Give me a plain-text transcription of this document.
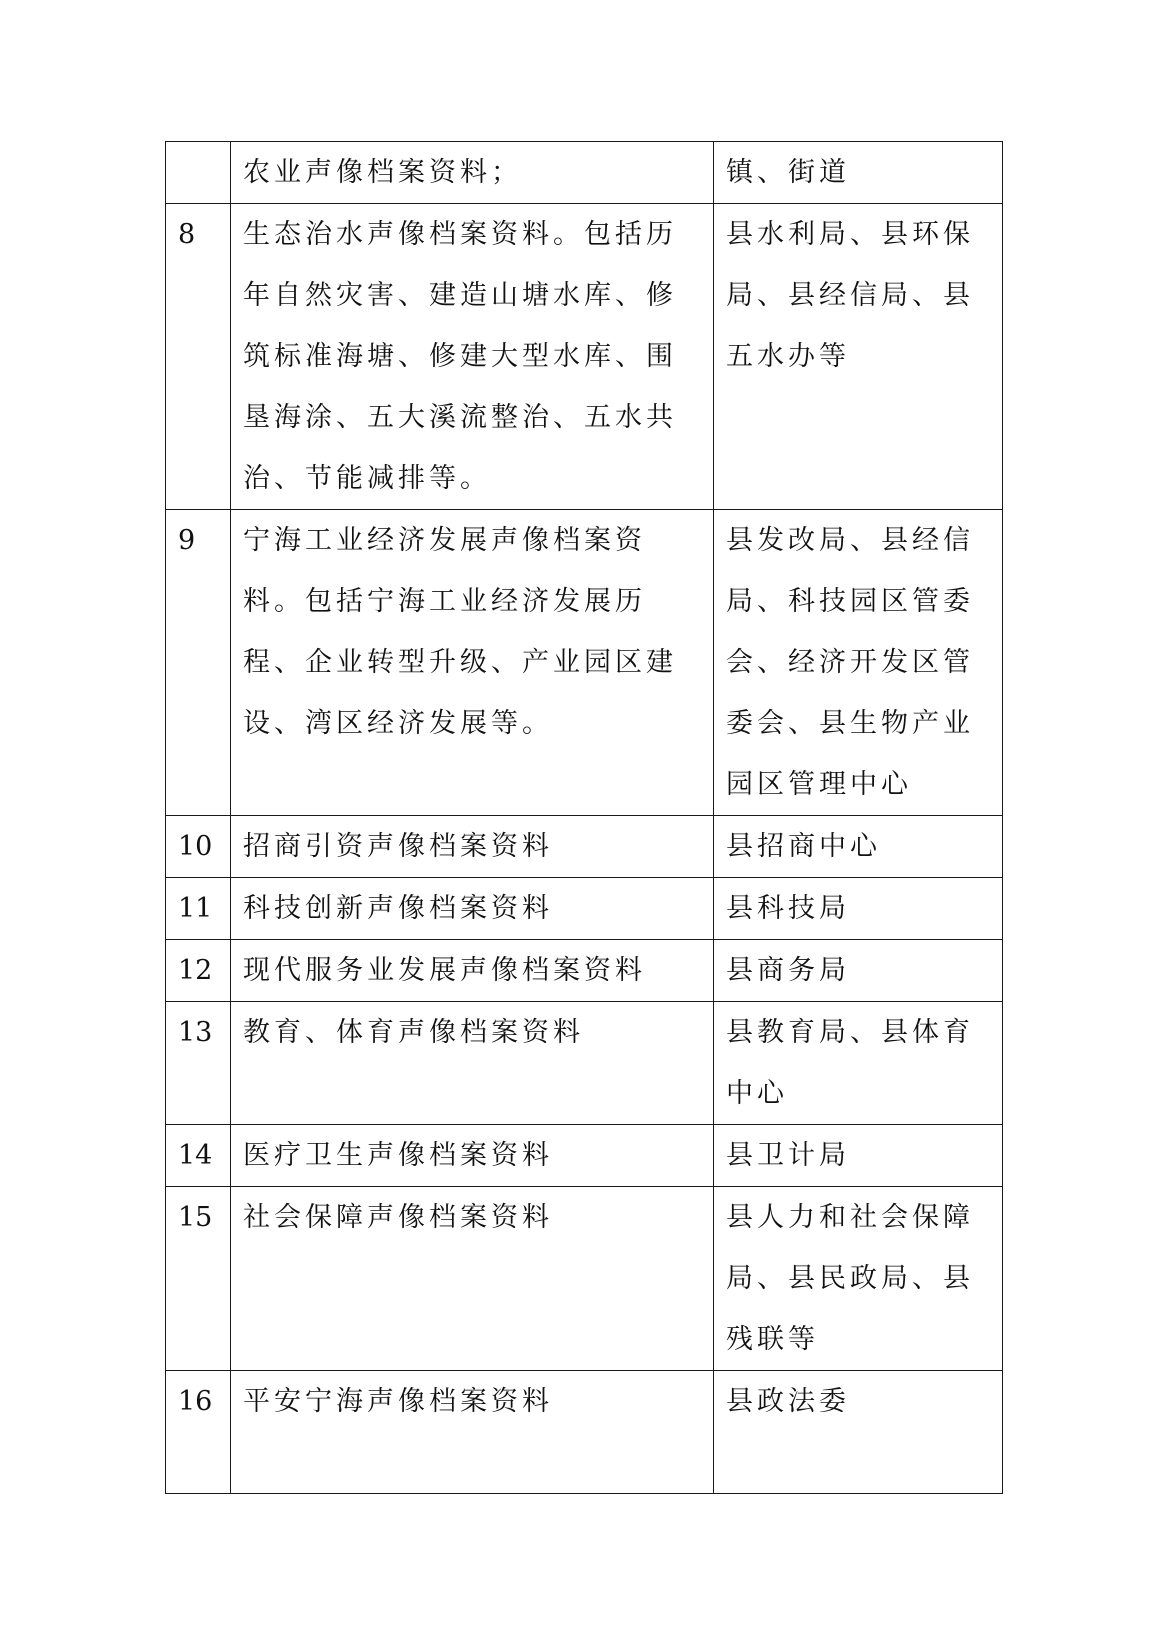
	农业声像档案资料；	镇、街道
8	生态治水声像档案资料。包括历年自然灾害、建造山塘水库、修筑标准海塘、修建大型水库、围垦海涂、五大溪流整治、五水共治、节能减排等。	县水利局、县环保局、县经信局、县五水办等
9	宁海工业经济发展声像档案资料。包括宁海工业经济发展历程、企业转型升级、产业园区建设、湾区经济发展等。	县发改局、县经信局、科技园区管委会、经济开发区管委会、县生物产业园区管理中心
10	招商引资声像档案资料	县招商中心
11	科技创新声像档案资料	县科技局
12	现代服务业发展声像档案资料	县商务局
13	教育、体育声像档案资料	县教育局、县体育中心
14	医疗卫生声像档案资料	县卫计局
15	社会保障声像档案资料	县人力和社会保障局、县民政局、县残联等
16	平安宁海声像档案资料	县政法委
